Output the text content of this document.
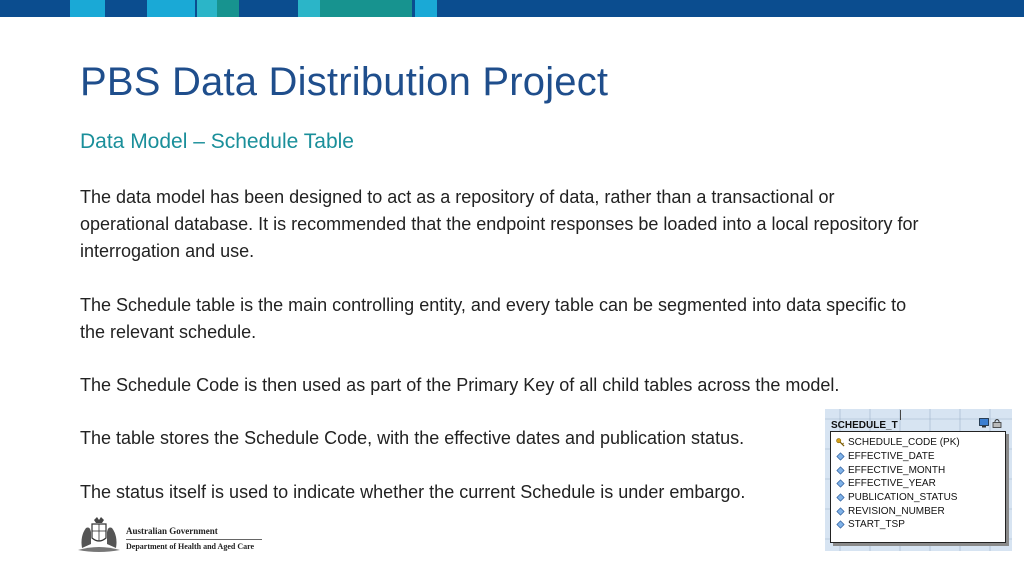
PBS Data Distribution Project
Data Model – Schedule Table

The data model has been designed to act as a repository of data, rather than a transactional or operational database. It is recommended that the endpoint responses be loaded into a local repository for interrogation and use.

The Schedule table is the main controlling entity, and every table can be segmented into data specific to the relevant schedule.

The Schedule Code is then used as part of the Primary Key of all child tables across the model.

The table stores the Schedule Code, with the effective dates and publication status.

The status itself is used to indicate whether the current Schedule is under embargo.

Australian Government
Department of Health and Aged Care
SCHEDULE_T
SCHEDULE_CODE (PK)
EFFECTIVE_DATE
EFFECTIVE_MONTH
EFFECTIVE_YEAR
PUBLICATION_STATUS
REVISION_NUMBER
START_TSP
